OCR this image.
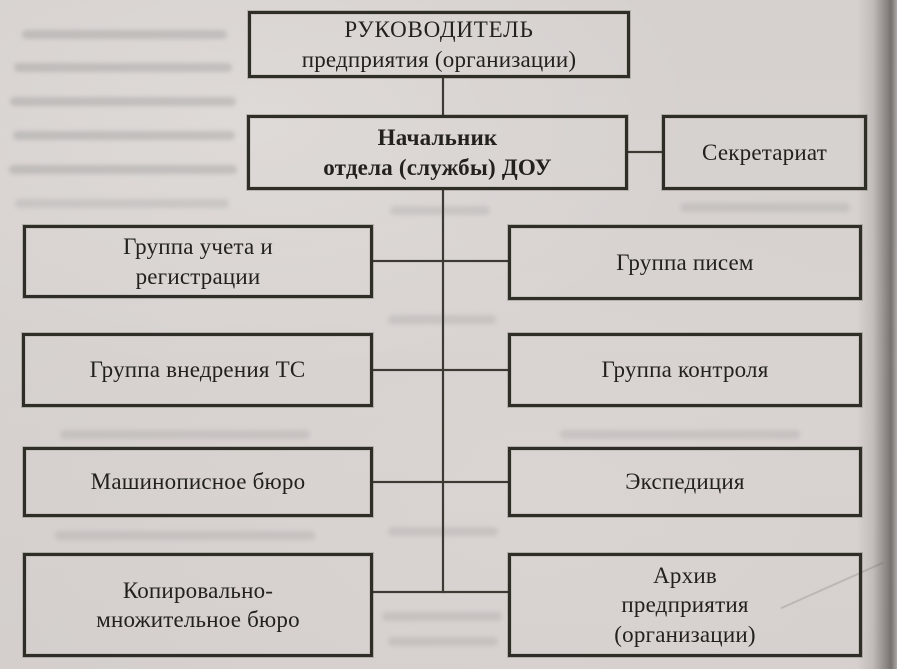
РУКОВОДИТЕЛЬ
предприятия (организации)
Начальник
отдела (службы) ДОУ
Секретариат
Группа учета и
регистрации
Группа внедрения ТС
Машинописное бюро
Копировально-
множительное бюро
Группа писем
Группа контроля
Экспедиция
Архив
предприятия
(организации)
